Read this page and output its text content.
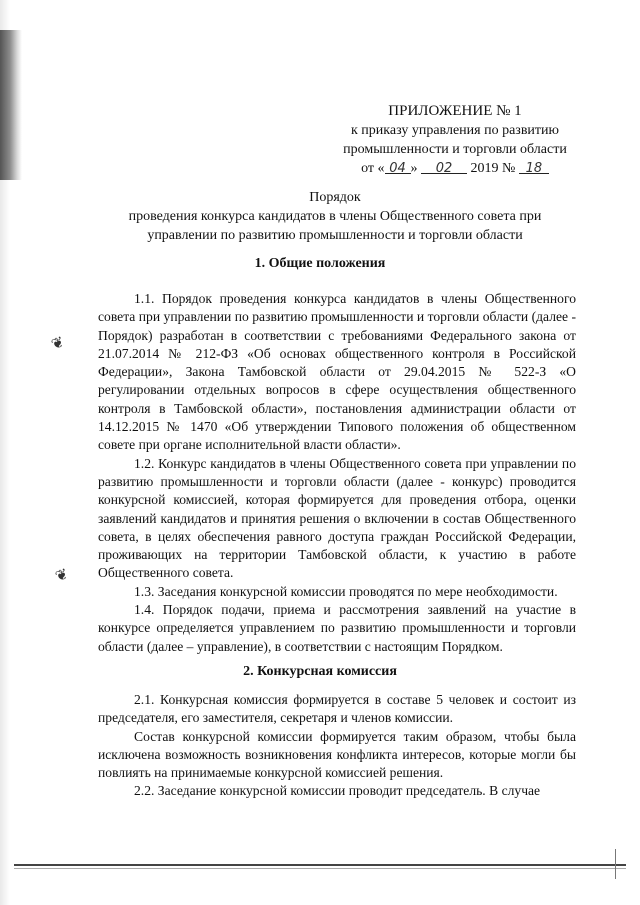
❦
❦
ПРИЛОЖЕНИЕ № 1
к приказу управления по развитию
промышленности и торговли области
от « 04 » 02 2019 № 18
Порядок
проведения конкурса кандидатов в члены Общественного совета при
управлении по развитию промышленности и торговли области
1. Общие положения

1.1. Порядок проведения конкурса кандидатов в члены Общественного совета при управлении по развитию промышленности и торговли области (далее - Порядок) разработан в соответствии с требованиями Федерального закона от 21.07.2014 № 212-ФЗ «Об основах общественного контроля в Российской Федерации», Закона Тамбовской области от 29.04.2015 № 522-З «О регулировании отдельных вопросов в сфере осуществления общественного контроля в Тамбовской области», постановления администрации области от 14.12.2015 № 1470 «Об утверждении Типового положения об общественном совете при органе исполнительной власти области».

1.2. Конкурс кандидатов в члены Общественного совета при управлении по развитию промышленности и торговли области (далее - конкурс) проводится конкурсной комиссией, которая формируется для проведения отбора, оценки заявлений кандидатов и принятия решения о включении в состав Общественного совета, в целях обеспечения равного доступа граждан Российской Федерации, проживающих на территории Тамбовской области, к участию в работе Общественного совета.

1.3. Заседания конкурсной комиссии проводятся по мере необходимости.

1.4. Порядок подачи, приема и рассмотрения заявлений на участие в конкурсе определяется управлением по развитию промышленности и торговли области (далее – управление), в соответствии с настоящим Порядком.

2. Конкурсная комиссия

2.1. Конкурсная комиссия формируется в составе 5 человек и состоит из председателя, его заместителя, секретаря и членов комиссии.

Состав конкурсной комиссии формируется таким образом, чтобы была исключена возможность возникновения конфликта интересов, которые могли бы повлиять на принимаемые конкурсной комиссией решения.

2.2. Заседание конкурсной комиссии проводит председатель. В случае
